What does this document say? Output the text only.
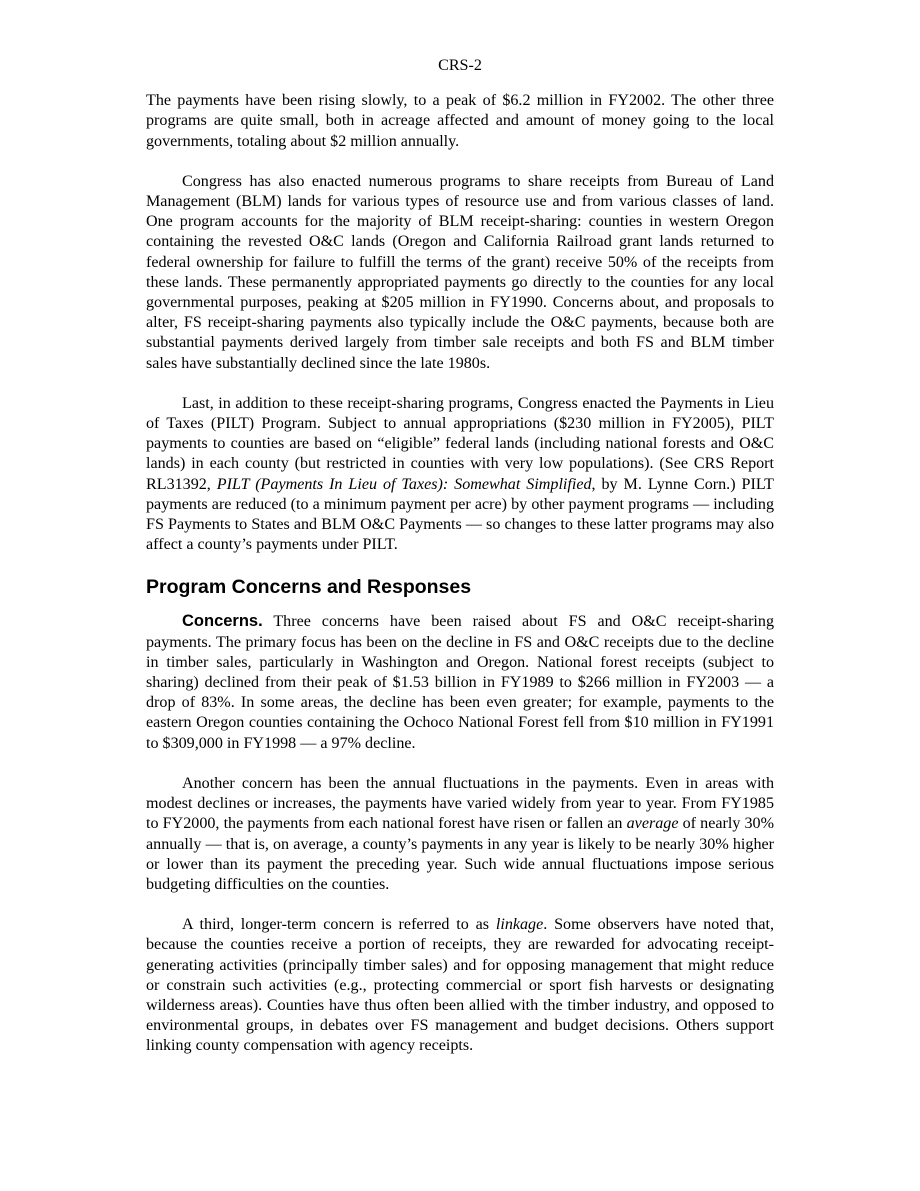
CRS-2

The payments have been rising slowly, to a peak of $6.2 million in FY2002. The other three programs are quite small, both in acreage affected and amount of money going to the local governments, totaling about $2 million annually.

Congress has also enacted numerous programs to share receipts from Bureau of Land Management (BLM) lands for various types of resource use and from various classes of land. One program accounts for the majority of BLM receipt-sharing: counties in western Oregon containing the revested O&C lands (Oregon and California Railroad grant lands returned to federal ownership for failure to fulfill the terms of the grant) receive 50% of the receipts from these lands. These permanently appropriated payments go directly to the counties for any local governmental purposes, peaking at $205 million in FY1990. Concerns about, and proposals to alter, FS receipt-sharing payments also typically include the O&C payments, because both are substantial payments derived largely from timber sale receipts and both FS and BLM timber sales have substantially declined since the late 1980s.

Last, in addition to these receipt-sharing programs, Congress enacted the Payments in Lieu of Taxes (PILT) Program. Subject to annual appropriations ($230 million in FY2005), PILT payments to counties are based on “eligible” federal lands (including national forests and O&C lands) in each county (but restricted in counties with very low populations). (See CRS Report RL31392, PILT (Payments In Lieu of Taxes): Somewhat Simplified, by M. Lynne Corn.) PILT payments are reduced (to a minimum payment per acre) by other payment programs — including FS Payments to States and BLM O&C Payments — so changes to these latter programs may also affect a county’s payments under PILT.

Program Concerns and Responses

Concerns. Three concerns have been raised about FS and O&C receipt-sharing payments. The primary focus has been on the decline in FS and O&C receipts due to the decline in timber sales, particularly in Washington and Oregon. National forest receipts (subject to sharing) declined from their peak of $1.53 billion in FY1989 to $266 million in FY2003 — a drop of 83%. In some areas, the decline has been even greater; for example, payments to the eastern Oregon counties containing the Ochoco National Forest fell from $10 million in FY1991 to $309,000 in FY1998 — a 97% decline.

Another concern has been the annual fluctuations in the payments. Even in areas with modest declines or increases, the payments have varied widely from year to year. From FY1985 to FY2000, the payments from each national forest have risen or fallen an average of nearly 30% annually — that is, on average, a county’s payments in any year is likely to be nearly 30% higher or lower than its payment the preceding year. Such wide annual fluctuations impose serious budgeting difficulties on the counties.

A third, longer-term concern is referred to as linkage. Some observers have noted that, because the counties receive a portion of receipts, they are rewarded for advocating receipt-generating activities (principally timber sales) and for opposing management that might reduce or constrain such activities (e.g., protecting commercial or sport fish harvests or designating wilderness areas). Counties have thus often been allied with the timber industry, and opposed to environmental groups, in debates over FS management and budget decisions. Others support linking county compensation with agency receipts.
